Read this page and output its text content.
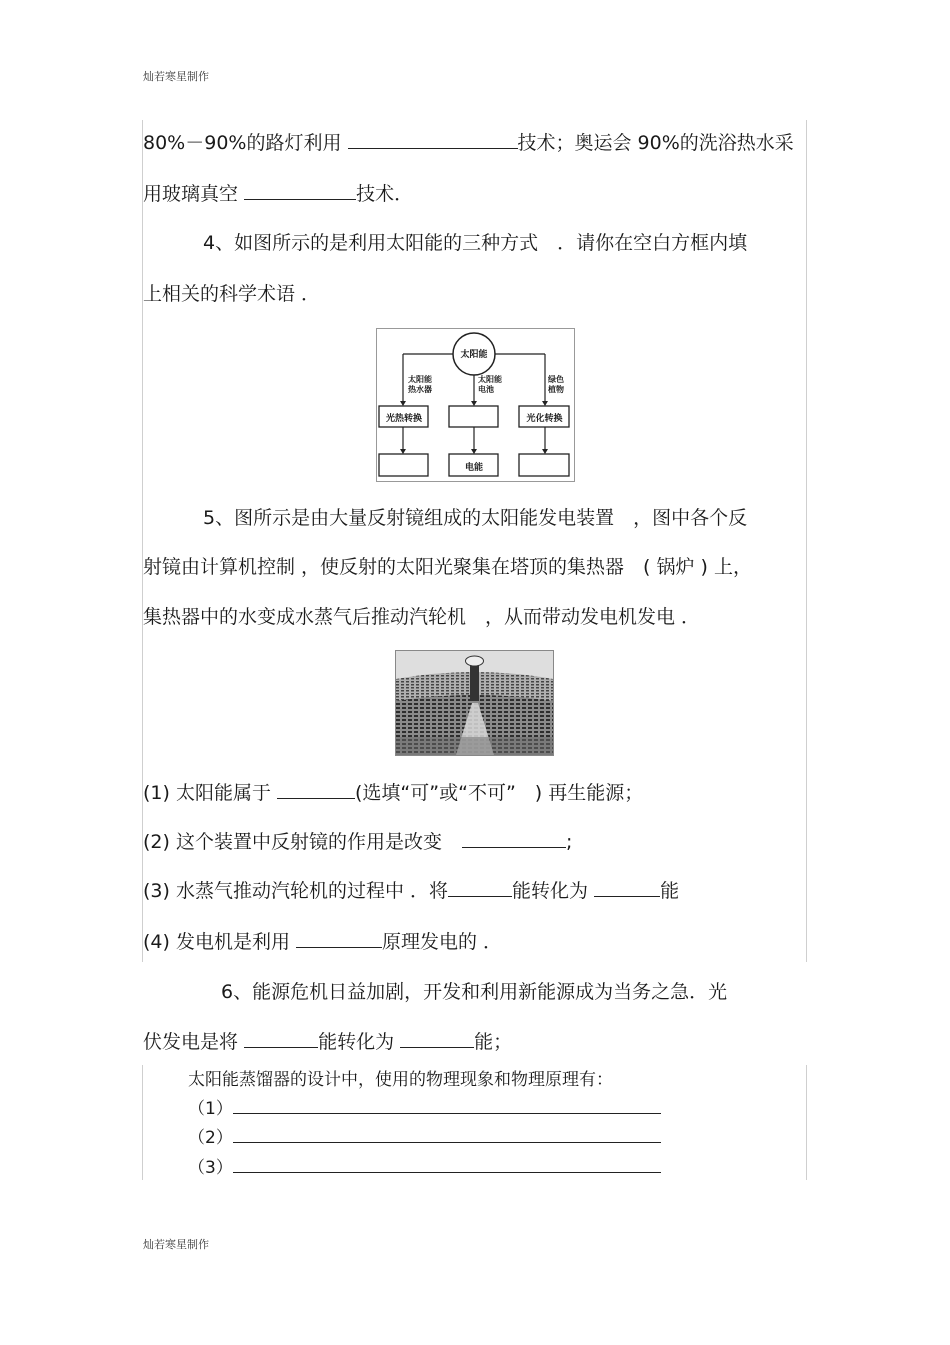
灿若寒星制作
80%－90%的路灯利用	技术；奥运会 90%的洗浴热水采
用玻璃真空	技术．
4、如图所示的是利用太阳能的三种方式　．请你在空白方框内填
上相关的科学术语 ．
太阳能
太阳能热水器
太阳能电池
绿色植物
光热转换	光化转换
电能
5、图所示是由大量反射镜组成的太阳能发电装置　，图中各个反
射镜由计算机控制 ，使反射的太阳光聚集在塔顶的集热器　( 锅炉 ) 上，
集热器中的水变成水蒸气后推动汽轮机　，从而带动发电机发电 ．
(1) 太阳能属于	(选填“可”或“不可”　) 再生能源；
(2) 这个装置中反射镜的作用是改变	;
(3) 水蒸气推动汽轮机的过程中 ．将	能转化为	能
(4) 发电机是利用	原理发电的 ．
6、能源危机日益加剧，开发和利用新能源成为当务之急．光
伏发电是将	能转化为	能；
太阳能蒸馏器的设计中，使用的物理现象和物理原理有：
（1）
（2）
（3）
灿若寒星制作
